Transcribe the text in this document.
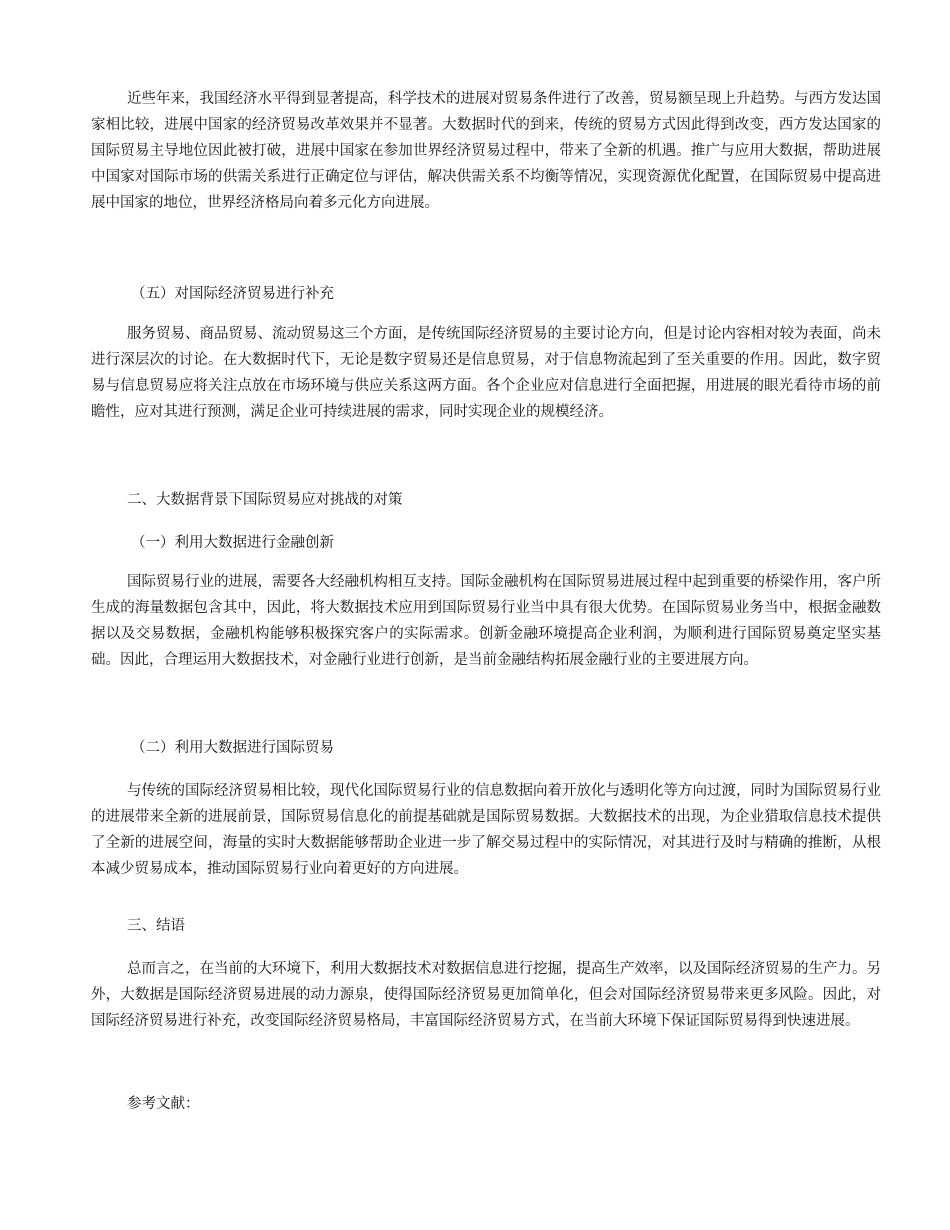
近些年来，我国经济水平得到显著提高，科学技术的进展对贸易条件进行了改善，贸易额呈现上升趋势。与西方发达国家相比较，进展中国家的经济贸易改革效果并不显著。大数据时代的到来，传统的贸易方式因此得到改变，西方发达国家的国际贸易主导地位因此被打破，进展中国家在参加世界经济贸易过程中，带来了全新的机遇。推广与应用大数据，帮助进展中国家对国际市场的供需关系进行正确定位与评估，解决供需关系不均衡等情况，实现资源优化配置，在国际贸易中提高进展中国家的地位，世界经济格局向着多元化方向进展。

（五）对国际经济贸易进行补充

服务贸易、商品贸易、流动贸易这三个方面，是传统国际经济贸易的主要讨论方向，但是讨论内容相对较为表面，尚未进行深层次的讨论。在大数据时代下，无论是数字贸易还是信息贸易，对于信息物流起到了至关重要的作用。因此，数字贸易与信息贸易应将关注点放在市场环境与供应关系这两方面。各个企业应对信息进行全面把握，用进展的眼光看待市场的前瞻性，应对其进行预测，满足企业可持续进展的需求，同时实现企业的规模经济。

二、大数据背景下国际贸易应对挑战的对策

（一）利用大数据进行金融创新

国际贸易行业的进展，需要各大经融机构相互支持。国际金融机构在国际贸易进展过程中起到重要的桥梁作用，客户所生成的海量数据包含其中，因此，将大数据技术应用到国际贸易行业当中具有很大优势。在国际贸易业务当中，根据金融数据以及交易数据，金融机构能够积极探究客户的实际需求。创新金融环境提高企业利润，为顺利进行国际贸易奠定坚实基础。因此，合理运用大数据技术，对金融行业进行创新，是当前金融结构拓展金融行业的主要进展方向。

（二）利用大数据进行国际贸易

与传统的国际经济贸易相比较，现代化国际贸易行业的信息数据向着开放化与透明化等方向过渡，同时为国际贸易行业的进展带来全新的进展前景，国际贸易信息化的前提基础就是国际贸易数据。大数据技术的出现，为企业猎取信息技术提供了全新的进展空间，海量的实时大数据能够帮助企业进一步了解交易过程中的实际情况，对其进行及时与精确的推断，从根本减少贸易成本，推动国际贸易行业向着更好的方向进展。

三、结语

总而言之，在当前的大环境下，利用大数据技术对数据信息进行挖掘，提高生产效率，以及国际经济贸易的生产力。另外，大数据是国际经济贸易进展的动力源泉，使得国际经济贸易更加简单化，但会对国际经济贸易带来更多风险。因此，对国际经济贸易进行补充，改变国际经济贸易格局，丰富国际经济贸易方式，在当前大环境下保证国际贸易得到快速进展。

参考文献：
